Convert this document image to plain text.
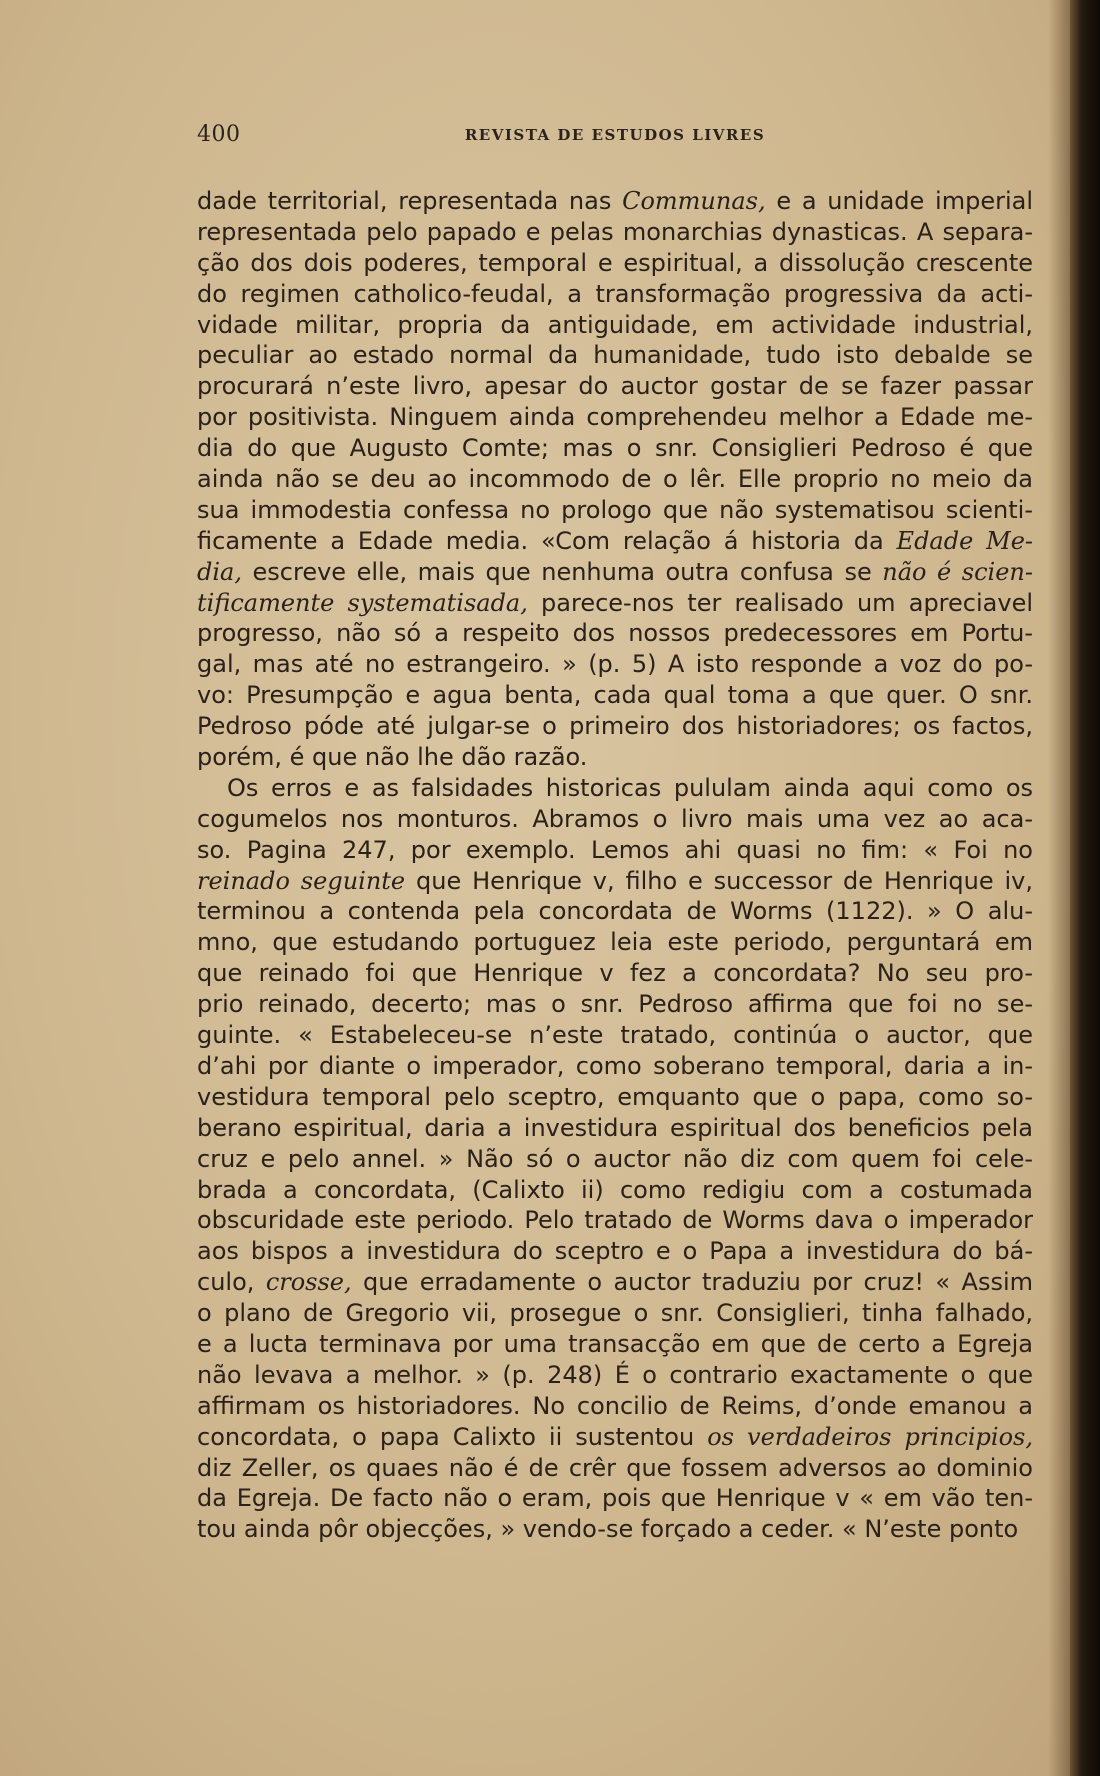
400	REVISTA DE ESTUDOS LIVRES
dade territorial, representada nas Communas, e a unidade imperial
representada pelo papado e pelas monarchias dynasticas. A separa-
ção dos dois poderes, temporal e espiritual, a dissolução crescente
do regimen catholico-feudal, a transformação progressiva da acti-
vidade militar, propria da antiguidade, em actividade industrial,
peculiar ao estado normal da humanidade, tudo isto debalde se
procurará n’este livro, apesar do auctor gostar de se fazer passar
por positivista. Ninguem ainda comprehendeu melhor a Edade me-
dia do que Augusto Comte; mas o snr. Consiglieri Pedroso é que
ainda não se deu ao incommodo de o lêr. Elle proprio no meio da
sua immodestia confessa no prologo que não systematisou scienti-
ficamente a Edade media. «Com relação á historia da Edade Me-
dia, escreve elle, mais que nenhuma outra confusa se não é scien-
tificamente systematisada, parece-nos ter realisado um apreciavel
progresso, não só a respeito dos nossos predecessores em Portu-
gal, mas até no estrangeiro. » (p. 5) A isto responde a voz do po-
vo: Presumpção e agua benta, cada qual toma a que quer. O snr.
Pedroso póde até julgar-se o primeiro dos historiadores; os factos,
porém, é que não lhe dão razão.
Os erros e as falsidades historicas pululam ainda aqui como os
cogumelos nos monturos. Abramos o livro mais uma vez ao aca-
so. Pagina 247, por exemplo. Lemos ahi quasi no fim: « Foi no
reinado seguinte que Henrique v, filho e successor de Henrique iv,
terminou a contenda pela concordata de Worms (1122). » O alu-
mno, que estudando portuguez leia este periodo, perguntará em
que reinado foi que Henrique v fez a concordata? No seu pro-
prio reinado, decerto; mas o snr. Pedroso affirma que foi no se-
guinte. « Estabeleceu-se n’este tratado, continúa o auctor, que
d’ahi por diante o imperador, como soberano temporal, daria a in-
vestidura temporal pelo sceptro, emquanto que o papa, como so-
berano espiritual, daria a investidura espiritual dos beneficios pela
cruz e pelo annel. » Não só o auctor não diz com quem foi cele-
brada a concordata, (Calixto ii) como redigiu com a costumada
obscuridade este periodo. Pelo tratado de Worms dava o imperador
aos bispos a investidura do sceptro e o Papa a investidura do bá-
culo, crosse, que erradamente o auctor traduziu por cruz! « Assim
o plano de Gregorio vii, prosegue o snr. Consiglieri, tinha falhado,
e a lucta terminava por uma transacção em que de certo a Egreja
não levava a melhor. » (p. 248) É o contrario exactamente o que
affirmam os historiadores. No concilio de Reims, d’onde emanou a
concordata, o papa Calixto ii sustentou os verdadeiros principios,
diz Zeller, os quaes não é de crêr que fossem adversos ao dominio
da Egreja. De facto não o eram, pois que Henrique v « em vão ten-
tou ainda pôr objecções, » vendo-se forçado a ceder. « N’este ponto
